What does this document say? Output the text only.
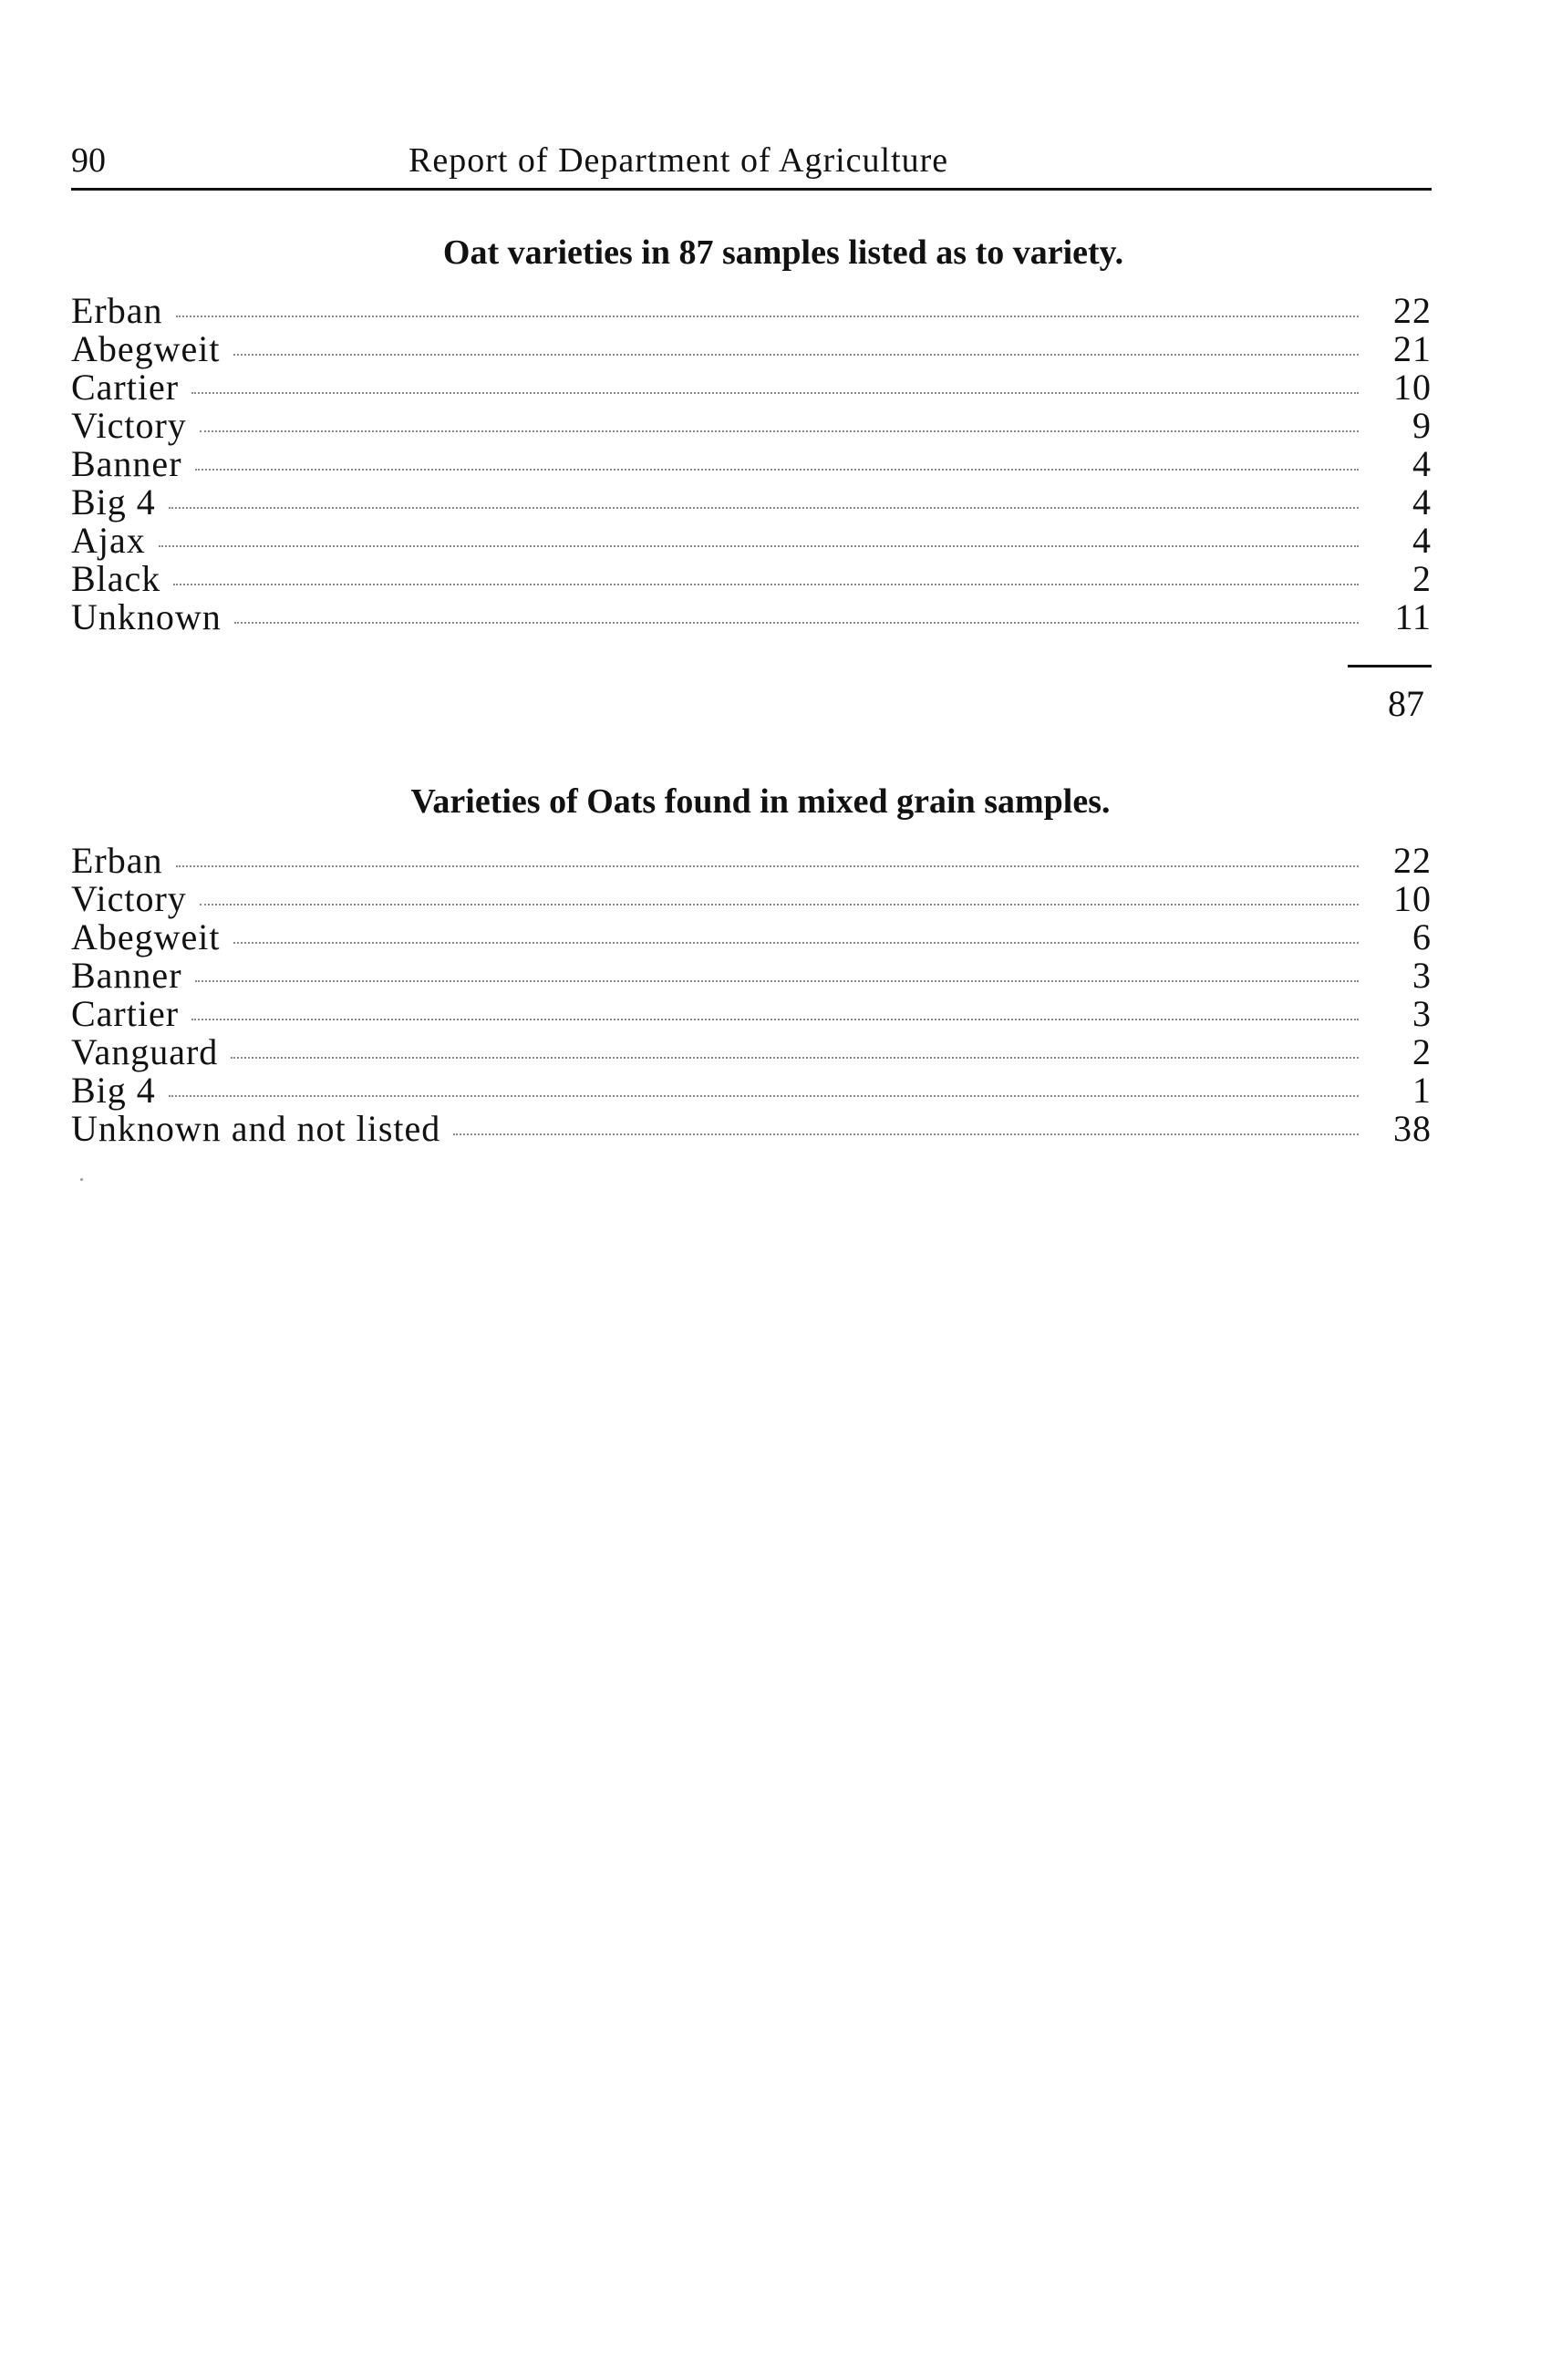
90	Report of Department of Agriculture
Oat varieties in 87 samples listed as to variety.
Erban	22
Abegweit	21
Cartier	10
Victory	9
Banner	4
Big 4	4
Ajax	4
Black	2
Unknown	11
87
Varieties of Oats found in mixed grain samples.
Erban	22
Victory	10
Abegweit	6
Banner	3
Cartier	3
Vanguard	2
Big 4	1
Unknown and not listed	38
